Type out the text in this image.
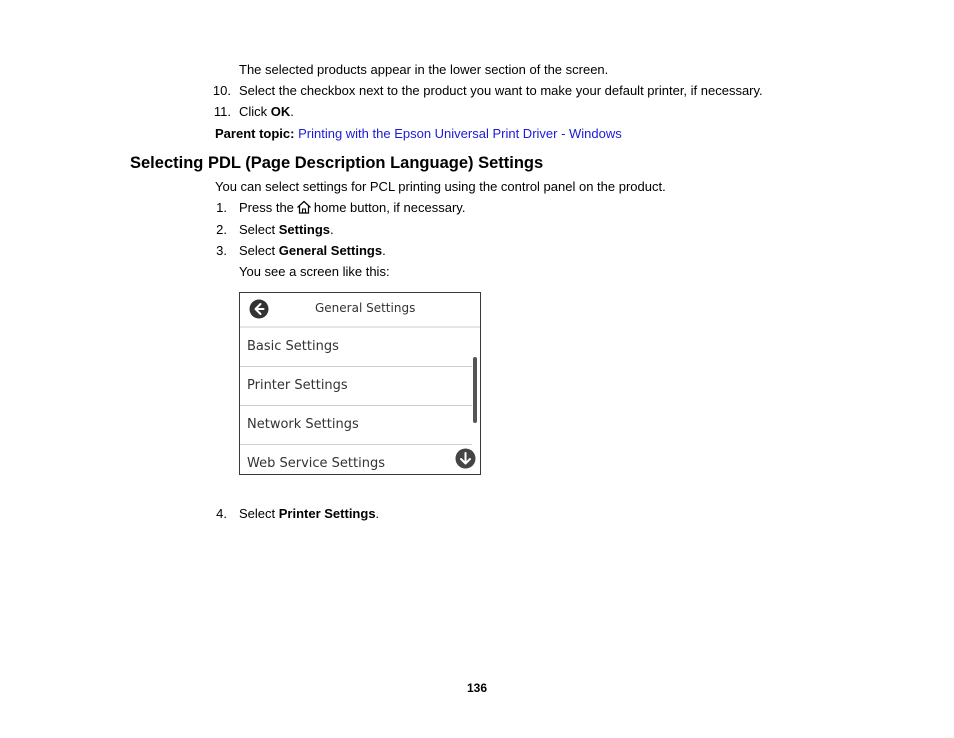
The selected products appear in the lower section of the screen.
10. Select the checkbox next to the product you want to make your default printer, if necessary.
11. Click OK.
Parent topic: Printing with the Epson Universal Print Driver - Windows
Selecting PDL (Page Description Language) Settings
You can select settings for PCL printing using the control panel on the product.
1. Press the home button, if necessary.
2. Select Settings.
3. Select General Settings.
You see a screen like this:
General Settings
Basic Settings
Printer Settings
Network Settings
Web Service Settings
4. Select Printer Settings.
136
